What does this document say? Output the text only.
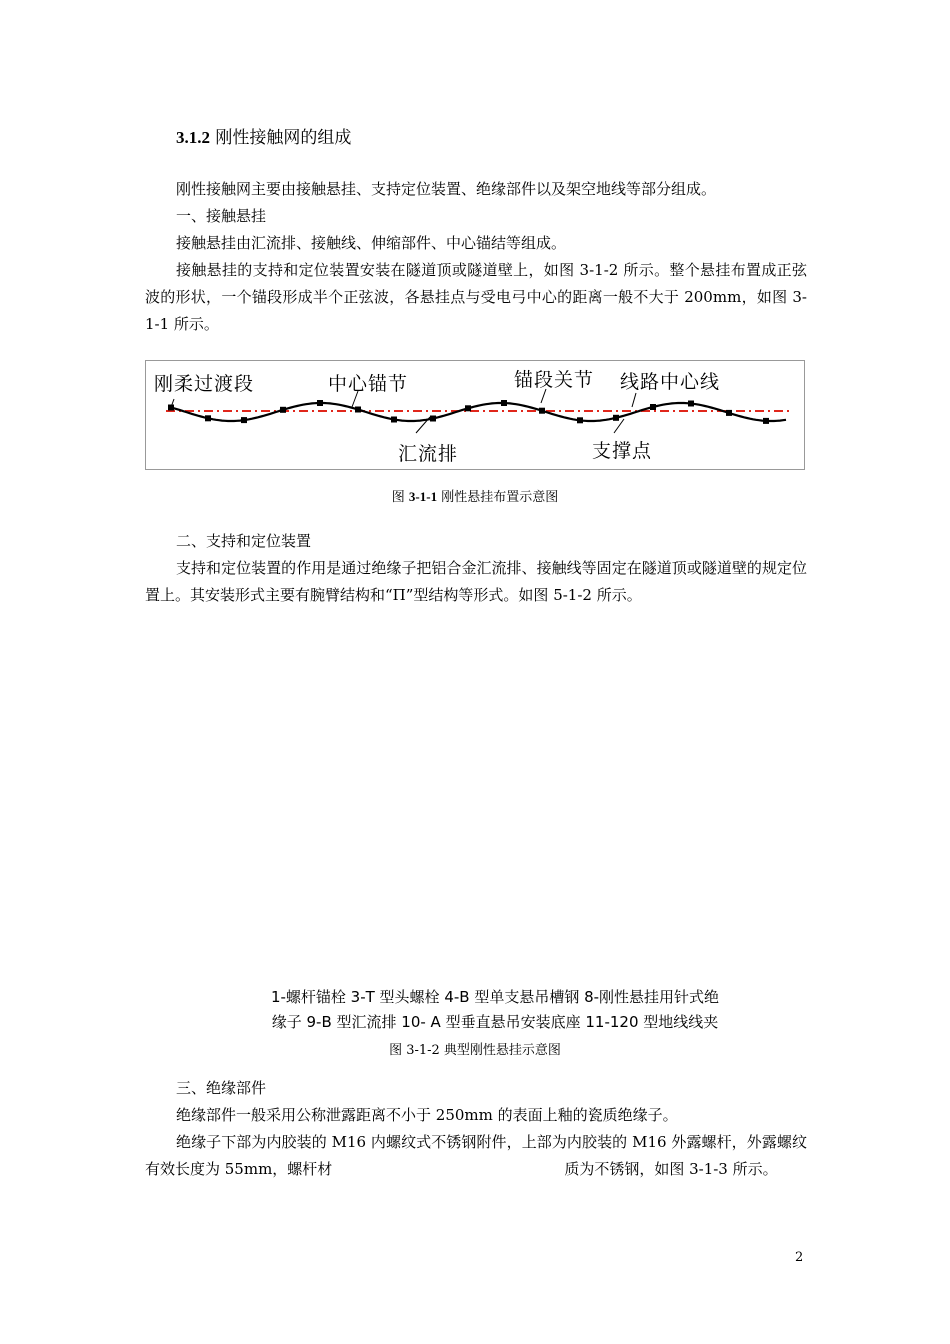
3.1.2 刚性接触网的组成

刚性接触网主要由接触悬挂、支持定位装置、绝缘部件以及架空地线等部分组成。

一、接触悬挂

接触悬挂由汇流排、接触线、伸缩部件、中心锚结等组成。

接触悬挂的支持和定位装置安装在隧道顶或隧道壁上，如图 3-1-2 所示。整个悬挂布置成正弦波的形状，一个锚段形成半个正弦波，各悬挂点与受电弓中心的距离一般不大于 200mm，如图 3-1-1 所示。

刚柔过渡段	中心锚节	锚段关节 线路中心线
汇流排	支撑点
图 3-1-1 刚性悬挂布置示意图

二、支持和定位装置

支持和定位装置的作用是通过绝缘子把铝合金汇流排、接触线等固定在隧道顶或隧道壁的规定位置上。其安装形式主要有腕臂结构和“Π”型结构等形式。如图 5-1-2 所示。

1-螺杆锚栓 3-T 型头螺栓 4-B 型单支悬吊槽钢 8-刚性悬挂用针式绝
缘子 9-B 型汇流排 10- A 型垂直悬吊安装底座 11-120 型地线线夹
图 3-1-2 典型刚性悬挂示意图

三、绝缘部件

绝缘部件一般采用公称泄露距离不小于 250mm 的表面上釉的瓷质绝缘子。

绝缘子下部为内胶装的 M16 内螺纹式不锈钢附件，上部为内胶装的 M16 外露螺杆，外露螺纹有效长度为 55mm，螺杆材	质为不锈钢，如图 3-1-3 所示。

2
